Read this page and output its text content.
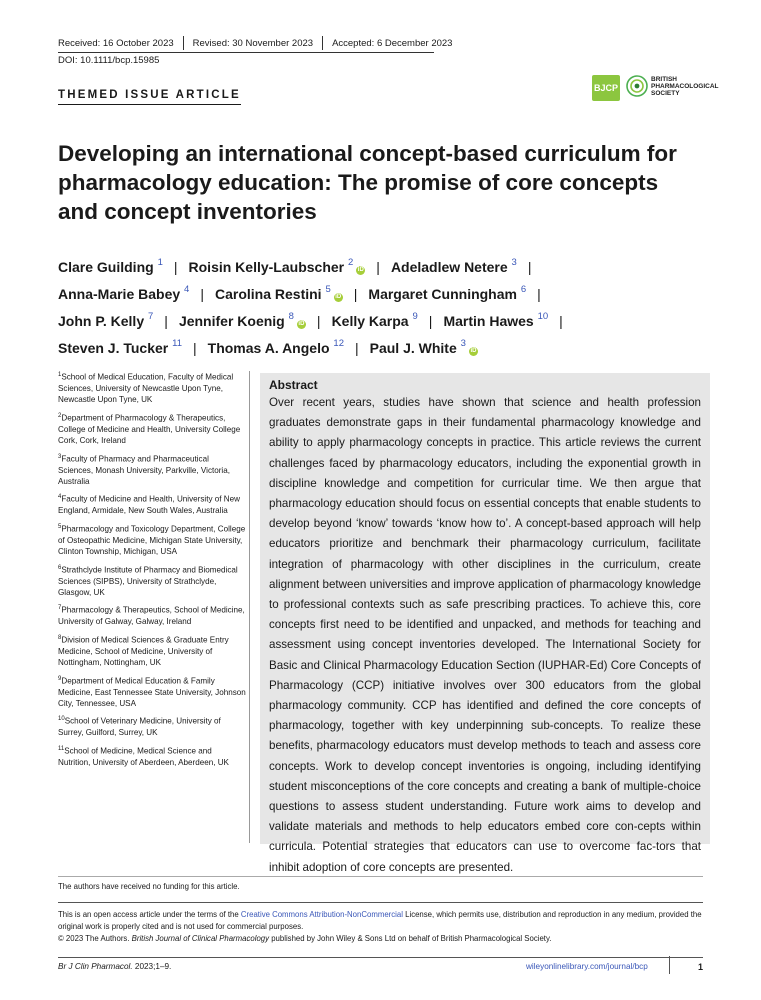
Received: 16 October 2023 Revised: 30 November 2023 Accepted: 6 December 2023
DOI: 10.1111/bcp.15985
THEMED ISSUE ARTICLE
BJCP
BRITISH
PHARMACOLOGICAL
SOCIETY
Developing an international concept-based curriculum for pharmacology education: The promise of core concepts and concept inventories
Clare Guilding $^1$ | Roisin Kelly-Laubscher $^2$iD | Adeladlew Netere $^3$ |
Anna-Marie Babey $^4$ | Carolina Restini $^5$iD | Margaret Cunningham $^6$ |
John P. Kelly $^7$ | Jennifer Koenig $^8$iD | Kelly Karpa $^9$ | Martin Hawes $^{10}$ |
Steven J. Tucker $^{11}$ | Thomas A. Angelo $^{12}$ | Paul J. White $^3$iD

$^1$School of Medical Education, Faculty of Medical Sciences, University of Newcastle Upon Tyne, Newcastle Upon Tyne, UK

$^2$Department of Pharmacology & Therapeutics, College of Medicine and Health, University College Cork, Cork, Ireland

$^3$Faculty of Pharmacy and Pharmaceutical Sciences, Monash University, Parkville, Victoria, Australia

$^4$Faculty of Medicine and Health, University of New England, Armidale, New South Wales, Australia

$^5$Pharmacology and Toxicology Department, College of Osteopathic Medicine, Michigan State University, Clinton Township, Michigan, USA

$^6$Strathclyde Institute of Pharmacy and Biomedical Sciences (SIPBS), University of Strathclyde, Glasgow, UK

$^7$Pharmacology & Therapeutics, School of Medicine, University of Galway, Galway, Ireland

$^8$Division of Medical Sciences & Graduate Entry Medicine, School of Medicine, University of Nottingham, Nottingham, UK

$^9$Department of Medical Education & Family Medicine, East Tennessee State University, Johnson City, Tennessee, USA

$^{10}$School of Veterinary Medicine, University of Surrey, Guilford, Surrey, UK

$^{11}$School of Medicine, Medical Science and Nutrition, University of Aberdeen, Aberdeen, UK

Abstract
Over recent years, studies have shown that science and health profession graduates demonstrate gaps in their fundamental pharmacology knowledge and ability to apply pharmacology concepts in practice. This article reviews the current challenges faced by pharmacology educators, including the exponential growth in discipline knowledge and competition for curricular time. We then argue that pharmacology education should focus on essential concepts that enable students to develop beyond ‘know’ towards ‘know how to’. A concept-based approach will help educators prioritize and benchmark their pharmacology curriculum, facilitate integration of pharmacology with other disciplines in the curriculum, create alignment between universities and improve application of pharmacology knowledge to professional contexts such as safe prescribing practices. To achieve this, core concepts first need to be identified and unpacked, and methods for teaching and assessment using concept inventories developed. The International Society for Basic and Clinical Pharmacology Education Section (IUPHAR-Ed) Core Concepts of Pharmacology (CCP) initiative involves over 300 educators from the global pharmacology community. CCP has identified and defined the core concepts of pharmacology, together with key underpinning sub-concepts. To realize these benefits, pharmacology educators must develop methods to teach and assess core concepts. Work to develop concept inventories is ongoing, including identifying student misconceptions of the core concepts and creating a bank of multiple-choice questions to assess student understanding. Future work aims to develop and validate materials and methods to help educators embed core con-cepts within curricula. Potential strategies that educators can use to overcome fac-tors that inhibit adoption of core concepts are presented.
The authors have received no funding for this article.
This is an open access article under the terms of the Creative Commons Attribution-NonCommercial License, which permits use, distribution and reproduction in any medium, provided the original work is properly cited and is not used for commercial purposes.
© 2023 The Authors. British Journal of Clinical Pharmacology published by John Wiley & Sons Ltd on behalf of British Pharmacological Society.
Br J Clin Pharmacol. 2023;1–9.	wileyonlinelibrary.com/journal/bcp	1
